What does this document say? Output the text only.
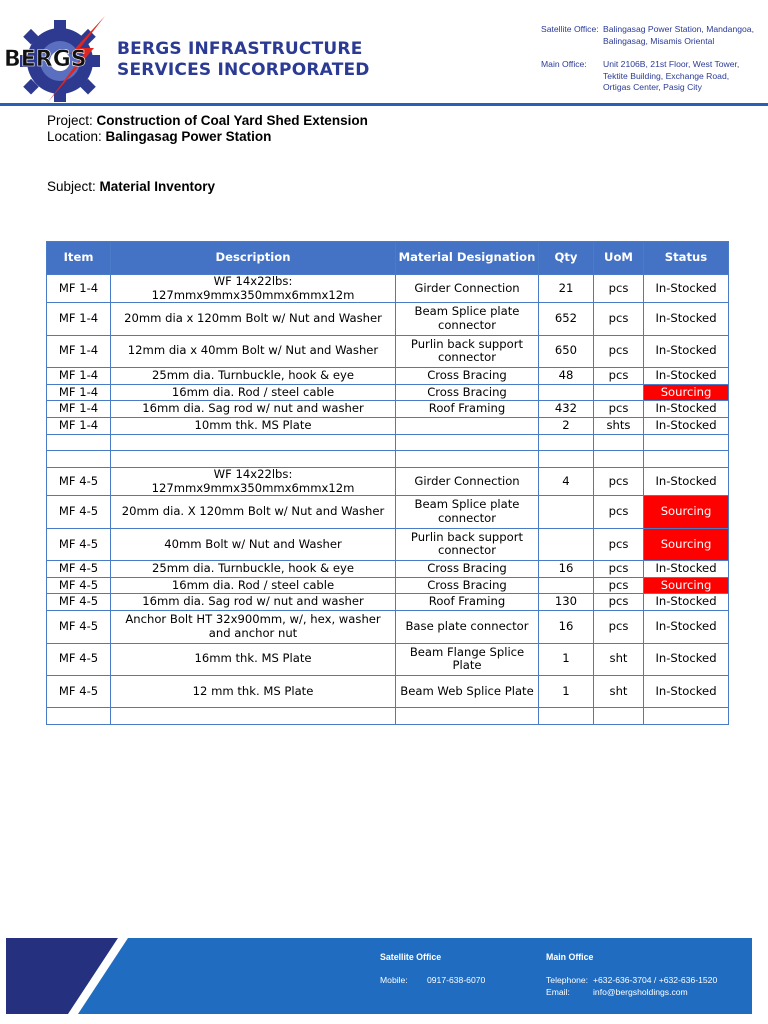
BERGS BERGS INFRASTRUCTURE
SERVICES INCORPORATED
Satellite Office: Balingasag Power Station, Mandangoa,
Balingasag, Misamis Oriental
Main Office: Unit 2106B, 21st Floor, West Tower,
Tektite Building, Exchange Road,
Ortigas Center, Pasig City
Project: Construction of Coal Yard Shed Extension
Location: Balingasag Power Station
Subject: Material Inventory
Item	Description	Material Designation	Qty	UoM	Status
MF 1-4	WF 14x22lbs: 127mmx9mmx350mmx6mmx12m	Girder Connection	21	pcs	In-Stocked
MF 1-4	20mm dia x 120mm Bolt w/ Nut and Washer	Beam Splice plate connector	652	pcs	In-Stocked
MF 1-4	12mm dia x 40mm Bolt w/ Nut and Washer	Purlin back support connector	650	pcs	In-Stocked
MF 1-4	25mm dia. Turnbuckle, hook & eye	Cross Bracing	48	pcs	In-Stocked
MF 1-4	16mm dia. Rod / steel cable	Cross Bracing			Sourcing
MF 1-4	16mm dia. Sag rod w/ nut and washer	Roof Framing	432	pcs	In-Stocked
MF 1-4	10mm thk. MS Plate		2	shts	In-Stocked

MF 4-5	WF 14x22lbs: 127mmx9mmx350mmx6mmx12m	Girder Connection	4	pcs	In-Stocked
MF 4-5	20mm dia. X 120mm Bolt w/ Nut and Washer	Beam Splice plate connector		pcs	Sourcing
MF 4-5	40mm Bolt w/ Nut and Washer	Purlin back support connector		pcs	Sourcing
MF 4-5	25mm dia. Turnbuckle, hook & eye	Cross Bracing	16	pcs	In-Stocked
MF 4-5	16mm dia. Rod / steel cable	Cross Bracing		pcs	Sourcing
MF 4-5	16mm dia. Sag rod w/ nut and washer	Roof Framing	130	pcs	In-Stocked
MF 4-5	Anchor Bolt HT 32x900mm, w/, hex, washer and anchor nut	Base plate connector	16	pcs	In-Stocked
MF 4-5	16mm thk. MS Plate	Beam Flange Splice Plate	1	sht	In-Stocked
MF 4-5	12 mm thk. MS Plate	Beam Web Splice Plate	1	sht	In-Stocked

Satellite Office
Mobile: 0917-638-6070
Main Office
Telephone: +632-636-3704 / +632-636-1520
Email:	info@bergsholdings.com
